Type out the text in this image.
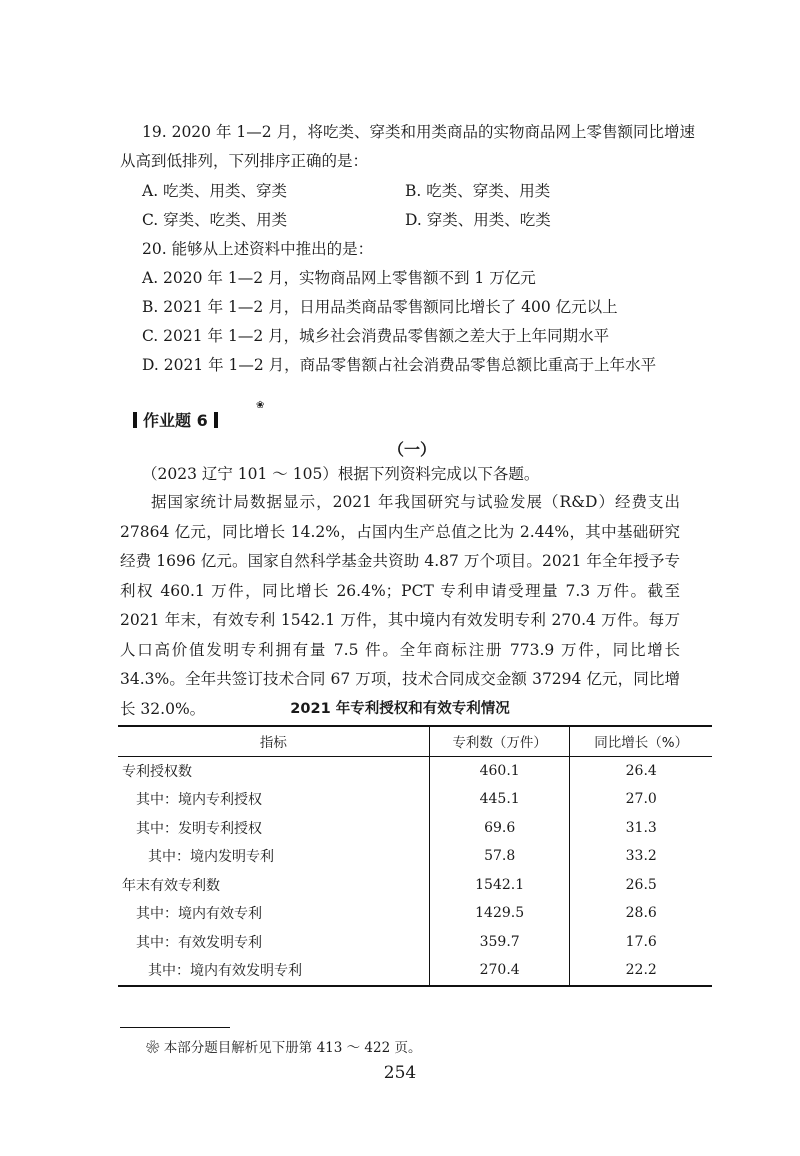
19. 2020 年 1—2 月，将吃类、穿类和用类商品的实物商品网上零售额同比增速
从高到低排列，下列排序正确的是：
A. 吃类、用类、穿类	B. 吃类、穿类、用类
C. 穿类、吃类、用类	D. 穿类、用类、吃类
20. 能够从上述资料中推出的是：
A. 2020 年 1—2 月，实物商品网上零售额不到 1 万亿元
B. 2021 年 1—2 月，日用品类商品零售额同比增长了 400 亿元以上
C. 2021 年 1—2 月，城乡社会消费品零售额之差大于上年同期水平
D. 2021 年 1—2 月，商品零售额占社会消费品零售总额比重高于上年水平
作业题 6
❀
（一）
（2023 辽宁 101 ～ 105）根据下列资料完成以下各题。
据国家统计局数据显示，2021 年我国研究与试验发展（R&D）经费支出 27864 亿元，同比增长 14.2%，占国内生产总值之比为 2.44%，其中基础研究经费 1696 亿元。国家自然科学基金共资助 4.87 万个项目。2021 年全年授予专利权 460.1 万件，同比增长 26.4%；PCT 专利申请受理量 7.3 万件。截至 2021 年末，有效专利 1542.1 万件，其中境内有效发明专利 270.4 万件。每万人口高价值发明专利拥有量 7.5 件。全年商标注册 773.9 万件，同比增长 34.3%。全年共签订技术合同 67 万项，技术合同成交金额 37294 亿元，同比增长 32.0%。	2021 年专利授权和有效专利情况
指标	专利数（万件）	同比增长（%）
专利授权数	460.1	26.4
其中：境内专利授权	445.1	27.0
其中：发明专利授权	69.6	31.3
其中：境内发明专利	57.8	33.2
年末有效专利数	1542.1	26.5
其中：境内有效专利	1429.5	28.6
其中：有效发明专利	359.7	17.6
其中：境内有效发明专利	270.4	22.2
❀ 本部分题目解析见下册第 413 ～ 422 页。
254
